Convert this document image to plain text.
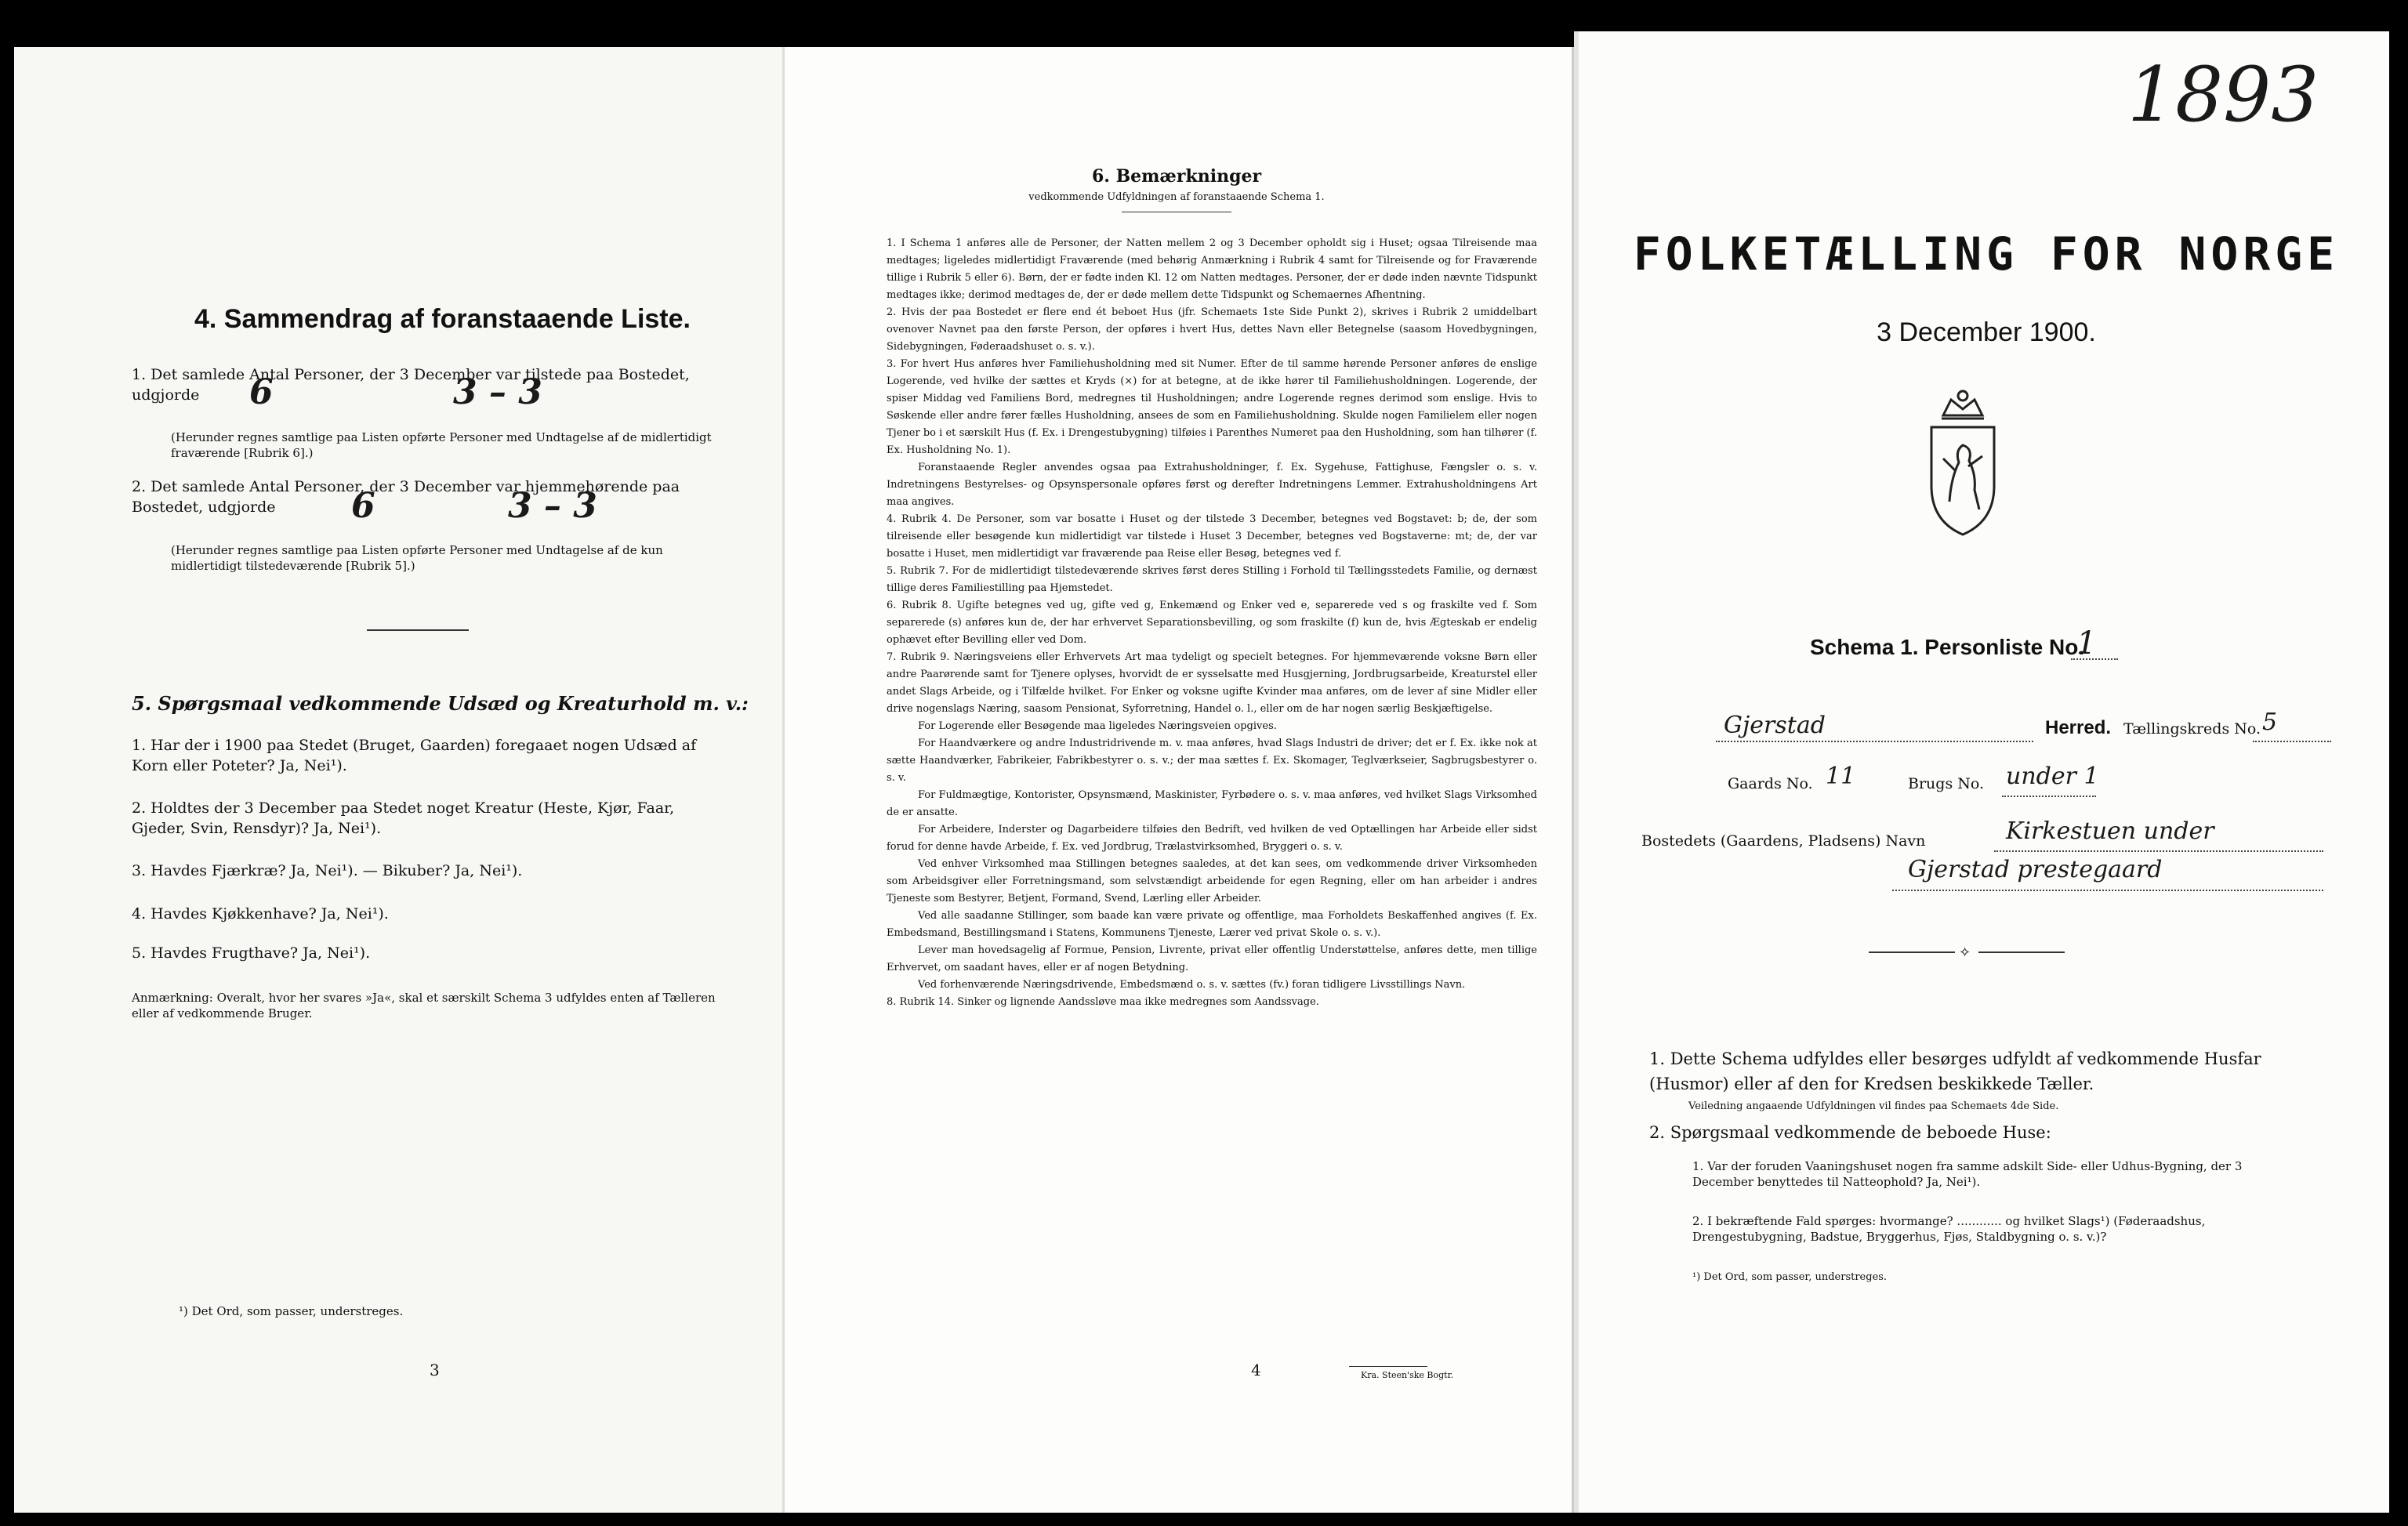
4. Sammendrag af foranstaaende Liste.
1. Det samlede Antal Personer, der 3 December var tilstede paa Bostedet, udgjorde	6	3 – 3
(Herunder regnes samtlige paa Listen opførte Personer med Undtagelse af de midlertidigt fraværende [Rubrik 6].)
2. Det samlede Antal Personer, der 3 December var hjemmehørende paa Bostedet, udgjorde	6	3 – 3
(Herunder regnes samtlige paa Listen opførte Personer med Undtagelse af de kun midlertidigt tilstedeværende [Rubrik 5].)
5. Spørgsmaal vedkommende Udsæd og Kreaturhold m. v.:
1. Har der i 1900 paa Stedet (Bruget, Gaarden) foregaaet nogen Udsæd af Korn eller Poteter? Ja, Nei¹).
2. Holdtes der 3 December paa Stedet noget Kreatur (Heste, Kjør, Faar, Gjeder, Svin, Rensdyr)? Ja, Nei¹).
3. Havdes Fjærkræ? Ja, Nei¹). — Bikuber? Ja, Nei¹).
4. Havdes Kjøkkenhave? Ja, Nei¹).
5. Havdes Frugthave? Ja, Nei¹).
Anmærkning: Overalt, hvor her svares »Ja«, skal et særskilt Schema 3 udfyldes enten af Tælleren eller af vedkommende Bruger.
¹) Det Ord, som passer, understreges.
3
6. Bemærkninger
vedkommende Udfyldningen af foranstaaende Schema 1.

1. I Schema 1 anføres alle de Personer, der Natten mellem 2 og 3 December opholdt sig i Huset; ogsaa Tilreisende maa medtages; ligeledes midlertidigt Fraværende (med behørig Anmærkning i Rubrik 4 samt for Tilreisende og for Fraværende tillige i Rubrik 5 eller 6). Børn, der er fødte inden Kl. 12 om Natten medtages. Personer, der er døde inden nævnte Tidspunkt medtages ikke; derimod medtages de, der er døde mellem dette Tidspunkt og Schemaernes Afhentning.

2. Hvis der paa Bostedet er flere end ét beboet Hus (jfr. Schemaets 1ste Side Punkt 2), skrives i Rubrik 2 umiddelbart ovenover Navnet paa den første Person, der opføres i hvert Hus, dettes Navn eller Betegnelse (saasom Hovedbygningen, Sidebygningen, Føderaadshuset o. s. v.).

3. For hvert Hus anføres hver Familiehusholdning med sit Numer. Efter de til samme hørende Personer anføres de enslige Logerende, ved hvilke der sættes et Kryds (×) for at betegne, at de ikke hører til Familiehusholdningen. Logerende, der spiser Middag ved Familiens Bord, medregnes til Husholdningen; andre Logerende regnes derimod som enslige. Hvis to Søskende eller andre fører fælles Husholdning, ansees de som en Familiehusholdning. Skulde nogen Familielem eller nogen Tjener bo i et særskilt Hus (f. Ex. i Drengestubygning) tilføies i Parenthes Numeret paa den Husholdning, som han tilhører (f. Ex. Husholdning No. 1).

Foranstaaende Regler anvendes ogsaa paa Extrahusholdninger, f. Ex. Sygehuse, Fattighuse, Fængsler o. s. v. Indretningens Bestyrelses- og Opsynspersonale opføres først og derefter Indretningens Lemmer. Extrahusholdningens Art maa angives.

4. Rubrik 4. De Personer, som var bosatte i Huset og der tilstede 3 December, betegnes ved Bogstavet: b; de, der som tilreisende eller besøgende kun midlertidigt var tilstede i Huset 3 December, betegnes ved Bogstaverne: mt; de, der var bosatte i Huset, men midlertidigt var fraværende paa Reise eller Besøg, betegnes ved f.

5. Rubrik 7. For de midlertidigt tilstedeværende skrives først deres Stilling i Forhold til Tællingsstedets Familie, og dernæst tillige deres Familiestilling paa Hjemstedet.

6. Rubrik 8. Ugifte betegnes ved ug, gifte ved g, Enkemænd og Enker ved e, separerede ved s og fraskilte ved f. Som separerede (s) anføres kun de, der har erhvervet Separationsbevilling, og som fraskilte (f) kun de, hvis Ægteskab er endelig ophævet efter Bevilling eller ved Dom.

7. Rubrik 9. Næringsveiens eller Erhvervets Art maa tydeligt og specielt betegnes. For hjemmeværende voksne Børn eller andre Paarørende samt for Tjenere oplyses, hvorvidt de er sysselsatte med Husgjerning, Jordbrugsarbeide, Kreaturstel eller andet Slags Arbeide, og i Tilfælde hvilket. For Enker og voksne ugifte Kvinder maa anføres, om de lever af sine Midler eller drive nogenslags Næring, saasom Pensionat, Syforretning, Handel o. l., eller om de har nogen særlig Beskjæftigelse.

For Logerende eller Besøgende maa ligeledes Næringsveien opgives.

For Haandværkere og andre Industridrivende m. v. maa anføres, hvad Slags Industri de driver; det er f. Ex. ikke nok at sætte Haandværker, Fabrikeier, Fabrikbestyrer o. s. v.; der maa sættes f. Ex. Skomager, Teglværkseier, Sagbrugsbestyrer o. s. v.

For Fuldmægtige, Kontorister, Opsynsmænd, Maskinister, Fyrbødere o. s. v. maa anføres, ved hvilket Slags Virksomhed de er ansatte.

For Arbeidere, Inderster og Dagarbeidere tilføies den Bedrift, ved hvilken de ved Optællingen har Arbeide eller sidst forud for denne havde Arbeide, f. Ex. ved Jordbrug, Trælastvirksomhed, Bryggeri o. s. v.

Ved enhver Virksomhed maa Stillingen betegnes saaledes, at det kan sees, om vedkommende driver Virksomheden som Arbeidsgiver eller Forretningsmand, som selvstændigt arbeidende for egen Regning, eller om han arbeider i andres Tjeneste som Bestyrer, Betjent, Formand, Svend, Lærling eller Arbeider.

Ved alle saadanne Stillinger, som baade kan være private og offentlige, maa Forholdets Beskaffenhed angives (f. Ex. Embedsmand, Bestillingsmand i Statens, Kommunens Tjeneste, Lærer ved privat Skole o. s. v.).

Lever man hovedsagelig af Formue, Pension, Livrente, privat eller offentlig Understøttelse, anføres dette, men tillige Erhvervet, om saadant haves, eller er af nogen Betydning.

Ved forhenværende Næringsdrivende, Embedsmænd o. s. v. sættes (fv.) foran tidligere Livsstillings Navn.

8. Rubrik 14. Sinker og lignende Aandssløve maa ikke medregnes som Aandssvage.

4	Kra. Steen'ske Bogtr.
1893
FOLKETÆLLING FOR NORGE
3 December 1900.
Schema 1. Personliste No.
1
Gjerstad	Herred. Tællingskreds No. 5
Gaards No. 11	Brugs No. under 1
Bostedets (Gaardens, Pladsens) Navn	Kirkestuen under
Gjerstad prestegaard
✧
1. Dette Schema udfyldes eller besørges udfyldt af vedkommende Husfar (Husmor) eller af den for Kredsen beskikkede Tæller.
Veiledning angaaende Udfyldningen vil findes paa Schemaets 4de Side.
2. Spørgsmaal vedkommende de beboede Huse:
1. Var der foruden Vaaningshuset nogen fra samme adskilt Side- eller Udhus-Bygning, der 3 December benyttedes til Natteophold? Ja, Nei¹).
2. I bekræftende Fald spørges: hvormange? ............ og hvilket Slags¹) (Føderaadshus, Drengestubygning, Badstue, Bryggerhus, Fjøs, Staldbygning o. s. v.)?
¹) Det Ord, som passer, understreges.
